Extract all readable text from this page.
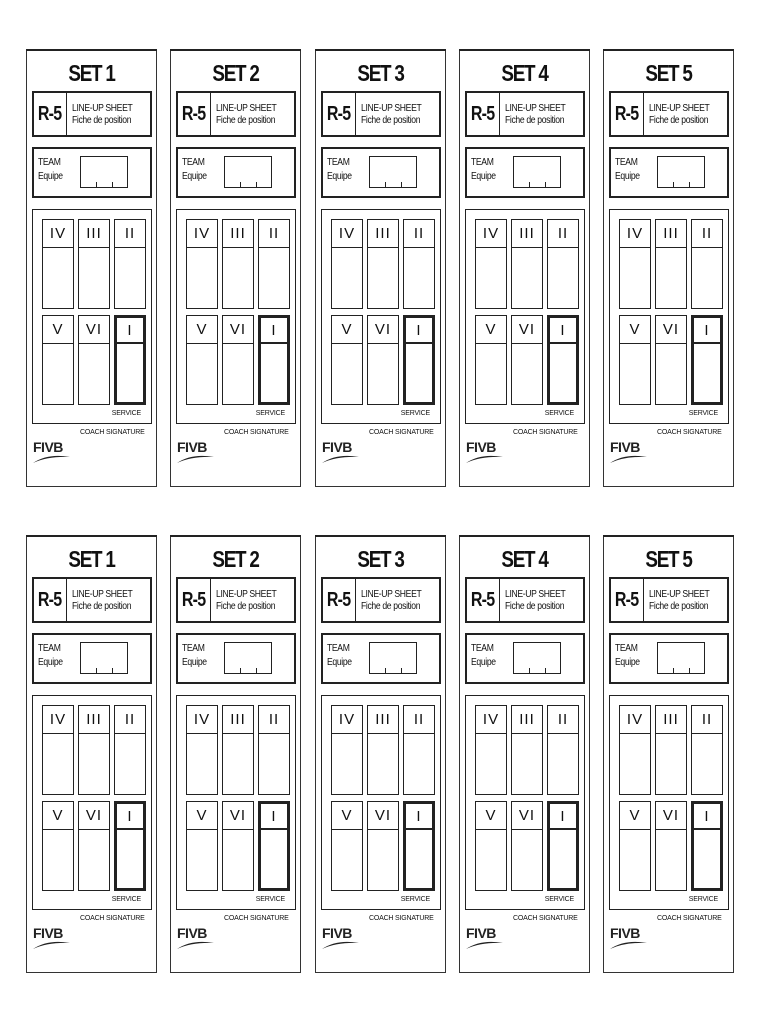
SET 1
R-5 LINE-UP SHEET
Fiche de position
TEAM
Equipe
IV	III	II
V	VI	I
SERVICE
FIVB
COACH SIGNATURE
SET 2
R-5 LINE-UP SHEET
Fiche de position
TEAM
Equipe
IV	III	II
V	VI	I
SERVICE
FIVB
COACH SIGNATURE
SET 3
R-5 LINE-UP SHEET
Fiche de position
TEAM
Equipe
IV	III	II
V	VI	I
SERVICE
FIVB
COACH SIGNATURE
SET 4
R-5 LINE-UP SHEET
Fiche de position
TEAM
Equipe
IV	III	II
V	VI	I
SERVICE
FIVB
COACH SIGNATURE
SET 5
R-5 LINE-UP SHEET
Fiche de position
TEAM
Equipe
IV	III	II
V	VI	I
SERVICE
FIVB
COACH SIGNATURE
SET 1
R-5 LINE-UP SHEET
Fiche de position
TEAM
Equipe
IV	III	II
V	VI	I
SERVICE
FIVB
COACH SIGNATURE
SET 2
R-5 LINE-UP SHEET
Fiche de position
TEAM
Equipe
IV	III	II
V	VI	I
SERVICE
FIVB
COACH SIGNATURE
SET 3
R-5 LINE-UP SHEET
Fiche de position
TEAM
Equipe
IV	III	II
V	VI	I
SERVICE
FIVB
COACH SIGNATURE
SET 4
R-5 LINE-UP SHEET
Fiche de position
TEAM
Equipe
IV	III	II
V	VI	I
SERVICE
FIVB
COACH SIGNATURE
SET 5
R-5 LINE-UP SHEET
Fiche de position
TEAM
Equipe
IV	III	II
V	VI	I
SERVICE
FIVB
COACH SIGNATURE
